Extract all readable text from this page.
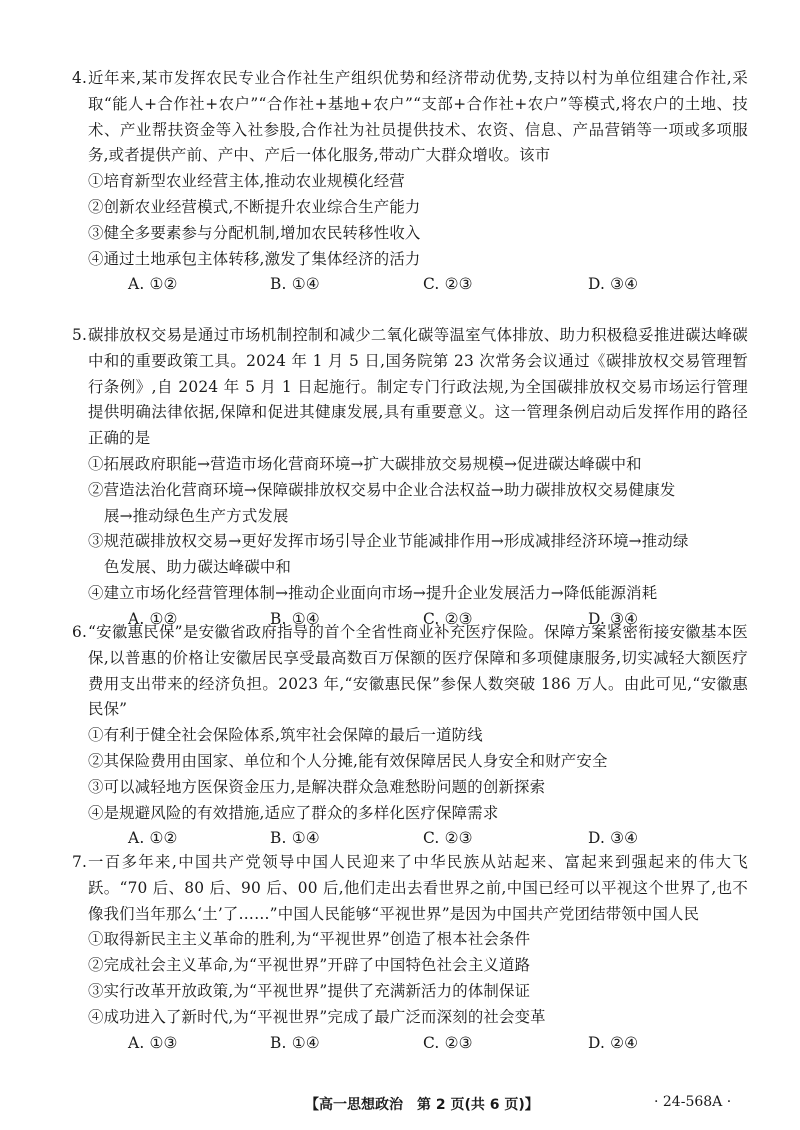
4. 近年来,某市发挥农民专业合作社生产组织优势和经济带动优势,支持以村为单位组建合作社,采取“能人+合作社+农户”“合作社+基地+农户”“支部+合作社+农户”等模式,将农户的土地、技术、产业帮扶资金等入社参股,合作社为社员提供技术、农资、信息、产品营销等一项或多项服务,或者提供产前、产中、产后一体化服务,带动广大群众增收。该市

①培育新型农业经营主体,推动农业规模化经营

②创新农业经营模式,不断提升农业综合生产能力

③健全多要素参与分配机制,增加农民转移性收入

④通过土地承包主体转移,激发了集体经济的活力

A. ①②	B. ①④	C. ②③	D. ③④

5. 碳排放权交易是通过市场机制控制和减少二氧化碳等温室气体排放、助力积极稳妥推进碳达峰碳中和的重要政策工具。2024 年 1 月 5 日,国务院第 23 次常务会议通过《碳排放权交易管理暂行条例》,自 2024 年 5 月 1 日起施行。制定专门行政法规,为全国碳排放权交易市场运行管理提供明确法律依据,保障和促进其健康发展,具有重要意义。这一管理条例启动后发挥作用的路径正确的是

①拓展政府职能→营造市场化营商环境→扩大碳排放交易规模→促进碳达峰碳中和

②营造法治化营商环境→保障碳排放权交易中企业合法权益→助力碳排放权交易健康发
展→推动绿色生产方式发展

③规范碳排放权交易→更好发挥市场引导企业节能减排作用→形成减排经济环境→推动绿
色发展、助力碳达峰碳中和

④建立市场化经营管理体制→推动企业面向市场→提升企业发展活力→降低能源消耗

A. ①②	B. ①④	C. ②③	D. ③④

6. “安徽惠民保”是安徽省政府指导的首个全省性商业补充医疗保险。保障方案紧密衔接安徽基本医保,以普惠的价格让安徽居民享受最高数百万保额的医疗保障和多项健康服务,切实减轻大额医疗费用支出带来的经济负担。2023 年,“安徽惠民保”参保人数突破 186 万人。由此可见,“安徽惠民保”

①有利于健全社会保险体系,筑牢社会保障的最后一道防线

②其保险费用由国家、单位和个人分摊,能有效保障居民人身安全和财产安全

③可以减轻地方医保资金压力,是解决群众急难愁盼问题的创新探索

④是规避风险的有效措施,适应了群众的多样化医疗保障需求

A. ①②	B. ①④	C. ②③	D. ③④

7. 一百多年来,中国共产党领导中国人民迎来了中华民族从站起来、富起来到强起来的伟大飞跃。“70 后、80 后、90 后、00 后,他们走出去看世界之前,中国已经可以平视这个世界了,也不像我们当年那么‘土’了……”中国人民能够“平视世界”是因为中国共产党团结带领中国人民

①取得新民主主义革命的胜利,为“平视世界”创造了根本社会条件

②完成社会主义革命,为“平视世界”开辟了中国特色社会主义道路

③实行改革开放政策,为“平视世界”提供了充满新活力的体制保证

④成功进入了新时代,为“平视世界”完成了最广泛而深刻的社会变革

A. ①③	B. ①④	C. ②③	D. ②④
【高一思想政治　第 2 页(共 6 页)】	· 24-568A ·
